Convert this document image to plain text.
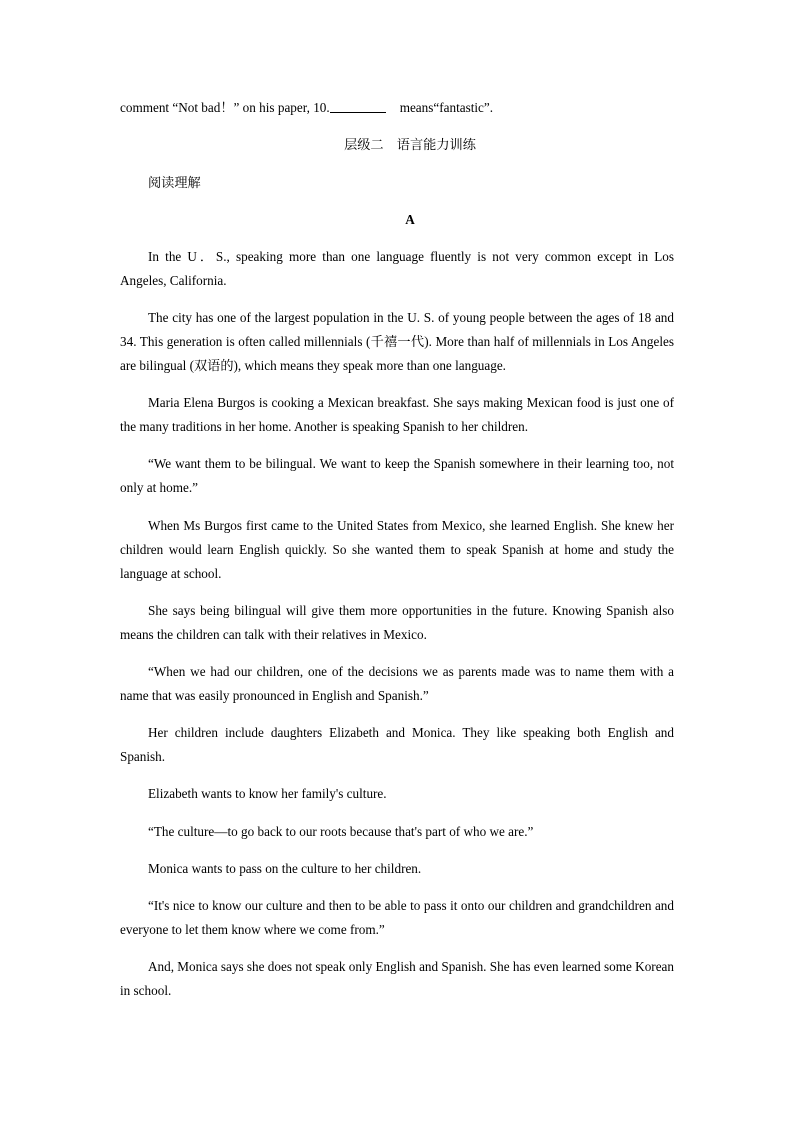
comment “Not bad！” on his paper, 10.	means“fantastic”.
层级二　语言能力训练
阅读理解
A
In the U．S., speaking more than one language fluently is not very common except in Los Angeles, California.
The city has one of the largest population in the U. S. of young people between the ages of 18 and 34. This generation is often called millennials (千禧一代). More than half of millennials in Los Angeles are bilingual (双语的), which means they speak more than one language.
Maria Elena Burgos is cooking a Mexican breakfast. She says making Mexican food is just one of the many traditions in her home. Another is speaking Spanish to her children.
“We want them to be bilingual. We want to keep the Spanish somewhere in their learning too, not only at home.”
When Ms Burgos first came to the United States from Mexico, she learned English. She knew her children would learn English quickly. So she wanted them to speak Spanish at home and study the language at school.
She says being bilingual will give them more opportunities in the future. Knowing Spanish also means the children can talk with their relatives in Mexico.
“When we had our children, one of the decisions we as parents made was to name them with a name that was easily pronounced in English and Spanish.”
Her children include daughters Elizabeth and Monica. They like speaking both English and Spanish.
Elizabeth wants to know her family's culture.
“The culture—to go back to our roots because that's part of who we are.”
Monica wants to pass on the culture to her children.
“It's nice to know our culture and then to be able to pass it onto our children and grandchildren and everyone to let them know where we come from.”
And, Monica says she does not speak only English and Spanish. She has even learned some Korean in school.
